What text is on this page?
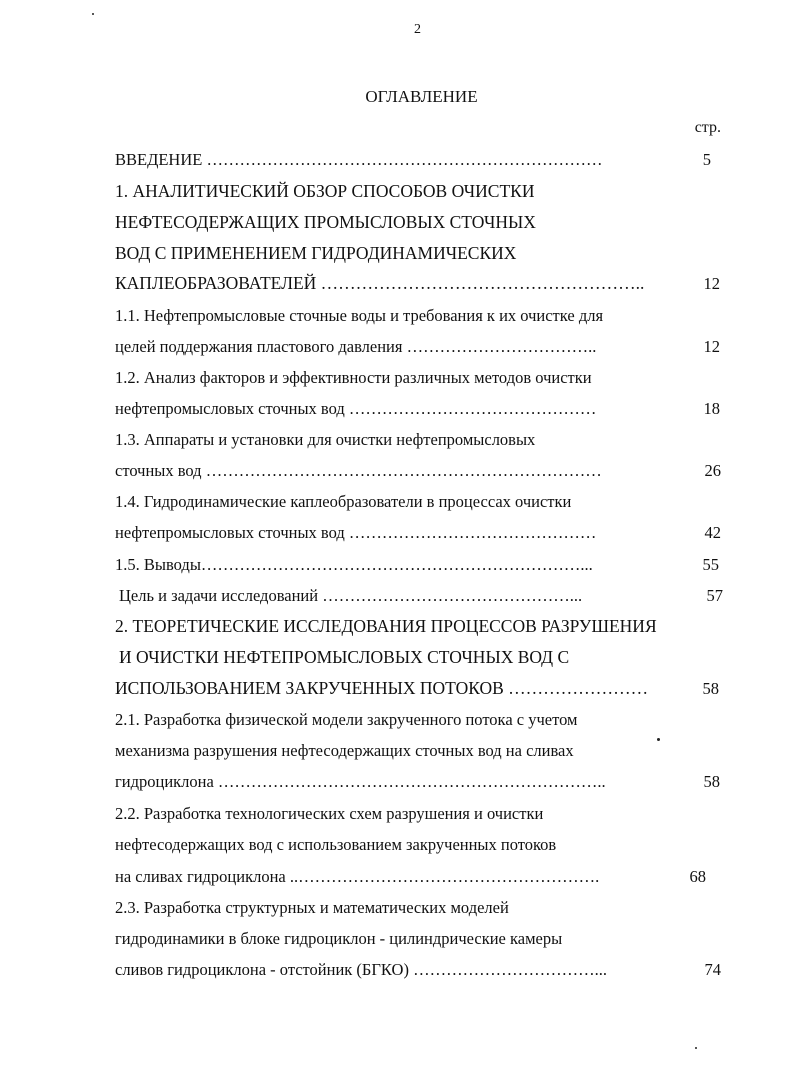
2
ОГЛАВЛЕНИЕ
стр.
ВВЕДЕНИЕ ………………………………………………………………	5
1. АНАЛИТИЧЕСКИЙ ОБЗОР СПОСОБОВ ОЧИСТКИ
НЕФТЕСОДЕРЖАЩИХ ПРОМЫСЛОВЫХ СТОЧНЫХ
ВОД С ПРИМЕНЕНИЕМ ГИДРОДИНАМИЧЕСКИХ
КАПЛЕОБРАЗОВАТЕЛЕЙ ………………………………………………..	12
1.1. Нефтепромысловые сточные воды и требования к их очистке для
целей поддержания пластового давления ……………………………..	12
1.2. Анализ факторов и эффективности различных методов очистки
нефтепромысловых сточных вод ………………………………………	18
1.3. Аппараты и установки для очистки нефтепромысловых
сточных вод ………………………………………………………………	26
1.4. Гидродинамические каплеобразователи в процессах очистки
нефтепромысловых сточных вод ………………………………………	42
1.5. Выводы……………………………………………………………...	55
Цель и задачи исследований ………………………………………...	57
2. ТЕОРЕТИЧЕСКИЕ ИССЛЕДОВАНИЯ ПРОЦЕССОВ РАЗРУШЕНИЯ
И ОЧИСТКИ НЕФТЕПРОМЫСЛОВЫХ СТОЧНЫХ ВОД С
ИСПОЛЬЗОВАНИЕМ ЗАКРУЧЕННЫХ ПОТОКОВ ……………………	58
2.1. Разработка физической модели закрученного потока с учетом
механизма разрушения нефтесодержащих сточных вод на сливах
гидроциклона ……………………………………………………………..	58
2.2. Разработка технологических схем разрушения и очистки
нефтесодержащих вод с использованием закрученных потоков
на сливах гидроциклона ..……………………………………………….	68
2.3. Разработка структурных и математических моделей
гидродинамики в блоке гидроциклон - цилиндрические камеры
сливов гидроциклона - отстойник (БГКО) ……………………………...	74
